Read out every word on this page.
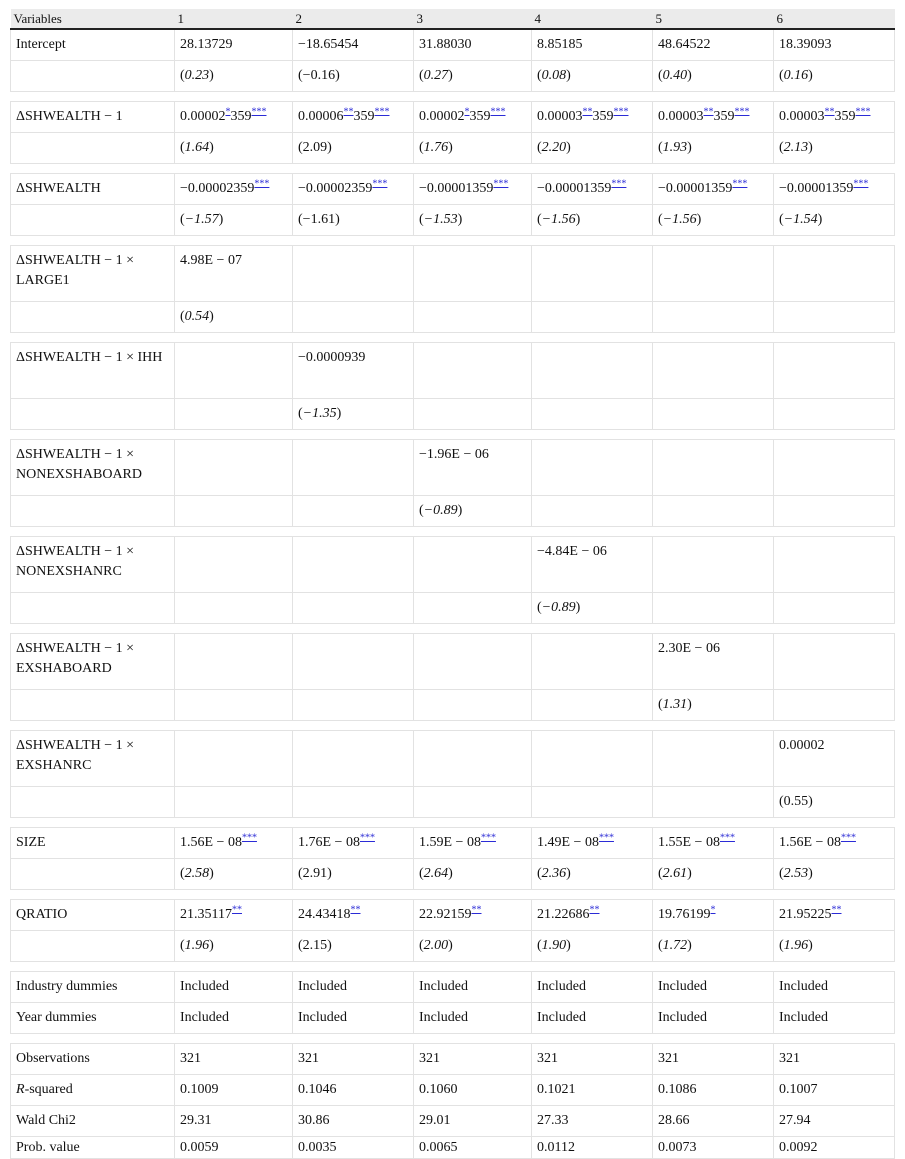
Variables	1	2	3	4	5	6
Intercept	28.13729	−18.65454	31.88030	8.85185	48.64522	18.39093
	(0.23)	(−0.16)	(0.27)	(0.08)	(0.40)	(0.16)

ΔSHWEALTH − 1	0.00002*359***	0.00006**359***	0.00002*359***	0.00003**359***	0.00003**359***	0.00003**359***
	(1.64)	(2.09)	(1.76)	(2.20)	(1.93)	(2.13)

ΔSHWEALTH	−0.00002359***	−0.00002359***	−0.00001359***	−0.00001359***	−0.00001359***	−0.00001359***
	(−1.57)	(−1.61)	(−1.53)	(−1.56)	(−1.56)	(−1.54)

ΔSHWEALTH − 1 × LARGE1	4.98E − 07					
	(0.54)					

ΔSHWEALTH − 1 × IHH		−0.0000939				
		(−1.35)				

ΔSHWEALTH − 1 × NONEXSHABOARD			−1.96E − 06			
			(−0.89)			

ΔSHWEALTH − 1 × NONEXSHANRC				−4.84E − 06		
				(−0.89)		

ΔSHWEALTH − 1 × EXSHABOARD					2.30E − 06	
					(1.31)	

ΔSHWEALTH − 1 × EXSHANRC						0.00002
						(0.55)

SIZE	1.56E − 08***	1.76E − 08***	1.59E − 08***	1.49E − 08***	1.55E − 08***	1.56E − 08***
	(2.58)	(2.91)	(2.64)	(2.36)	(2.61)	(2.53)

QRATIO	21.35117**	24.43418**	22.92159**	21.22686**	19.76199*	21.95225**
	(1.96)	(2.15)	(2.00)	(1.90)	(1.72)	(1.96)

Industry dummies	Included	Included	Included	Included	Included	Included
Year dummies	Included	Included	Included	Included	Included	Included

Observations	321	321	321	321	321	321
R-squared	0.1009	0.1046	0.1060	0.1021	0.1086	0.1007
Wald Chi2	29.31	30.86	29.01	27.33	28.66	27.94
Prob. value	0.0059	0.0035	0.0065	0.0112	0.0073	0.0092
